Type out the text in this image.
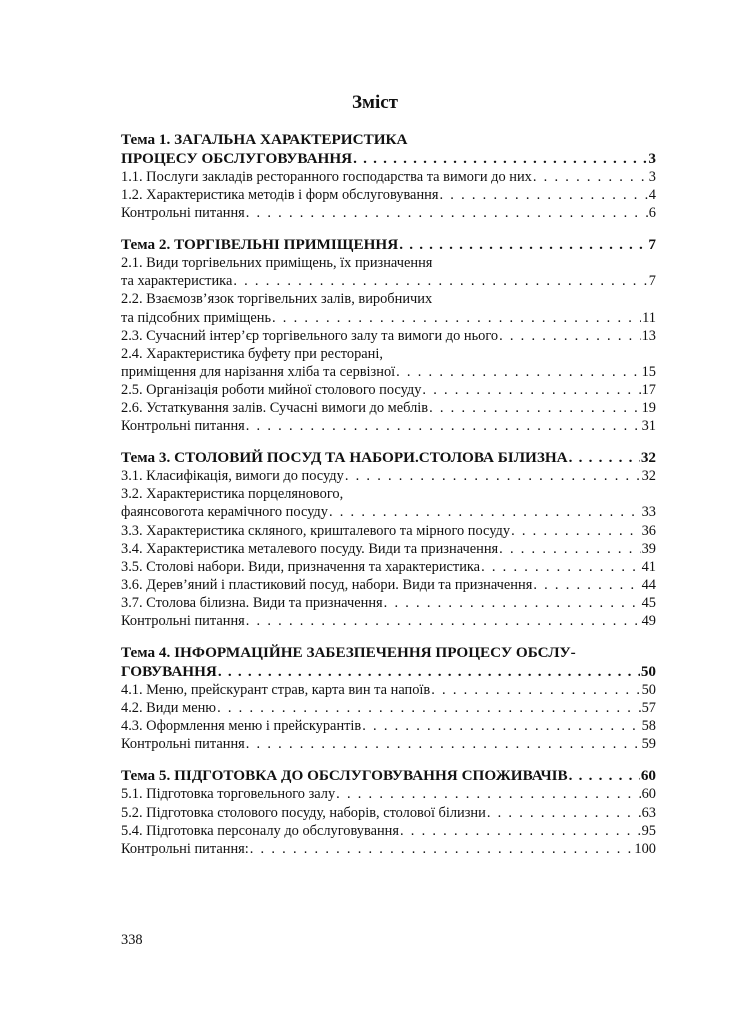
Зміст
Тема 1. ЗАГАЛЬНА ХАРАКТЕРИСТИКА
ПРОЦЕСУ ОБСЛУГОВУВАННЯ . . .	3
1.1. Послуги закладів ресторанного господарства та вимоги до них . . .	3
1.2. Характеристика методів і форм обслуговування . . .	4
Контрольні питання . . .	6
Тема 2. ТОРГІВЕЛЬНІ ПРИМІЩЕННЯ . . .	7
2.1. Види торгівельних приміщень, їх призначення
та характеристика . . .	7
2.2. Взаємозв’язок торгівельних залів, виробничих
та підсобних приміщень . . .	11
2.3. Сучасний інтер’єр торгівельного залу та вимоги до нього . . .	13
2.4. Характеристика буфету при ресторані,
приміщення для нарізання хліба та сервізної . . .	15
2.5. Організація роботи мийної столового посуду . . .	17
2.6. Устаткування залів. Сучасні вимоги до меблів . . .	19
Контрольні питання . . .	31
Тема 3. СТОЛОВИЙ ПОСУД ТА НАБОРИ.СТОЛОВА БІЛИЗНА . . .	32
3.1. Класифікація, вимоги до посуду . . .	32
3.2. Характеристика порцелянового,
фаянсовогота керамічного посуду . . .	33
3.3. Характеристика скляного, кришталевого та мірного посуду . . .	36
3.4. Характеристика металевого посуду. Види та призначення . . .	39
3.5. Столові набори. Види, призначення та характеристика . . .	41
3.6. Дерев’яний і пластиковий посуд, набори. Види та призначення . . .	44
3.7. Столова білизна. Види та призначення . . .	45
Контрольні питання . . .	49
Тема 4. ІНФОРМАЦІЙНЕ ЗАБЕЗПЕЧЕННЯ ПРОЦЕСУ ОБСЛУ-
ГОВУВАННЯ . . .	50
4.1. Меню, прейскурант страв, карта вин та напоїв . . .	50
4.2. Види меню . . .	57
4.3. Оформлення меню і прейскурантів . . .	58
Контрольні питання . . .	59
Тема 5. ПІДГОТОВКА ДО ОБСЛУГОВУВАННЯ СПОЖИВАЧІВ . . .	60
5.1. Підготовка торговельного залу . . .	60
5.2. Підготовка столового посуду, наборів, столової білизни . . .	63
5.4. Підготовка персоналу до обслуговування . . .	95
Контрольні питання: . . .	100
338
